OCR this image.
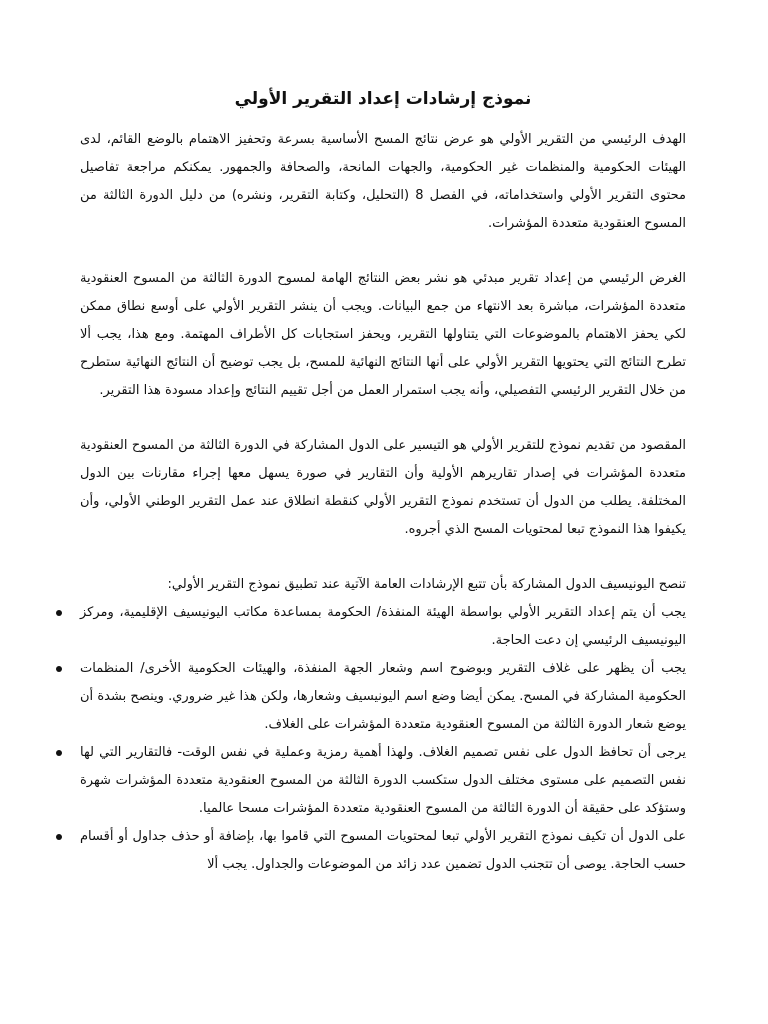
نموذج إرشادات إعداد التقرير الأولي

الهدف الرئيسي من التقرير الأولي هو عرض نتائج المسح الأساسية بسرعة وتحفيز الاهتمام بالوضع القائم، لدى الهيئات الحكومية والمنظمات غير الحكومية، والجهات المانحة، والصحافة والجمهور. يمكنكم مراجعة تفاصيل محتوى التقرير الأولي واستخداماته، في الفصل 8 (التحليل، وكتابة التقرير، ونشره) من دليل الدورة الثالثة من المسوح العنقودية متعددة المؤشرات.

الغرض الرئيسي من إعداد تقرير مبدئي هو نشر بعض النتائج الهامة لمسوح الدورة الثالثة من المسوح العنقودية متعددة المؤشرات، مباشرة بعد الانتهاء من جمع البيانات. ويجب أن ينشر التقرير الأولي على أوسع نطاق ممكن لكي يحفز الاهتمام بالموضوعات التي يتناولها التقرير، ويحفز استجابات كل الأطراف المهتمة. ومع هذا، يجب ألا تطرح النتائج التي يحتويها التقرير الأولي على أنها النتائج النهائية للمسح، بل يجب توضيح أن النتائج النهائية ستطرح من خلال التقرير الرئيسي التفصيلي، وأنه يجب استمرار العمل من أجل تقييم النتائج وإعداد مسودة هذا التقرير.

المقصود من تقديم نموذج للتقرير الأولي هو التيسير على الدول المشاركة في الدورة الثالثة من المسوح العنقودية متعددة المؤشرات في إصدار تقاريرهم الأولية وأن التقارير في صورة يسهل معها إجراء مقارنات بين الدول المختلفة. يطلب من الدول أن تستخدم نموذج التقرير الأولي كنقطة انطلاق عند عمل التقرير الوطني الأولي، وأن يكيفوا هذا النموذج تبعا لمحتويات المسح الذي أجروه.

تنصح اليونيسيف الدول المشاركة بأن تتبع الإرشادات العامة الآتية عند تطبيق نموذج التقرير الأولي:

يجب أن يتم إعداد التقرير الأولي بواسطة الهيئة المنفذة/ الحكومة بمساعدة مكاتب اليونيسيف الإقليمية، ومركز اليونيسيف الرئيسي إن دعت الحاجة.
يجب أن يظهر على غلاف التقرير وبوضوح اسم وشعار الجهة المنفذة، والهيئات الحكومية الأخرى/ المنظمات الحكومية المشاركة في المسح. يمكن أيضا وضع اسم اليونيسيف وشعارها، ولكن هذا غير ضروري. وينصح بشدة أن يوضع شعار الدورة الثالثة من المسوح العنقودية متعددة المؤشرات على الغلاف.
يرجى أن تحافظ الدول على نفس تصميم الغلاف. ولهذا أهمية رمزية وعملية في نفس الوقت- فالتقارير التي لها نفس التصميم على مستوى مختلف الدول ستكسب الدورة الثالثة من المسوح العنقودية متعددة المؤشرات شهرة وستؤكد على حقيقة أن الدورة الثالثة من المسوح العنقودية متعددة المؤشرات مسحا عالميا.
على الدول أن تكيف نموذج التقرير الأولي تبعا لمحتويات المسوح التي قاموا بها، بإضافة أو حذف جداول أو أقسام حسب الحاجة. يوصى أن تتجنب الدول تضمين عدد زائد من الموضوعات والجداول. يجب ألا
